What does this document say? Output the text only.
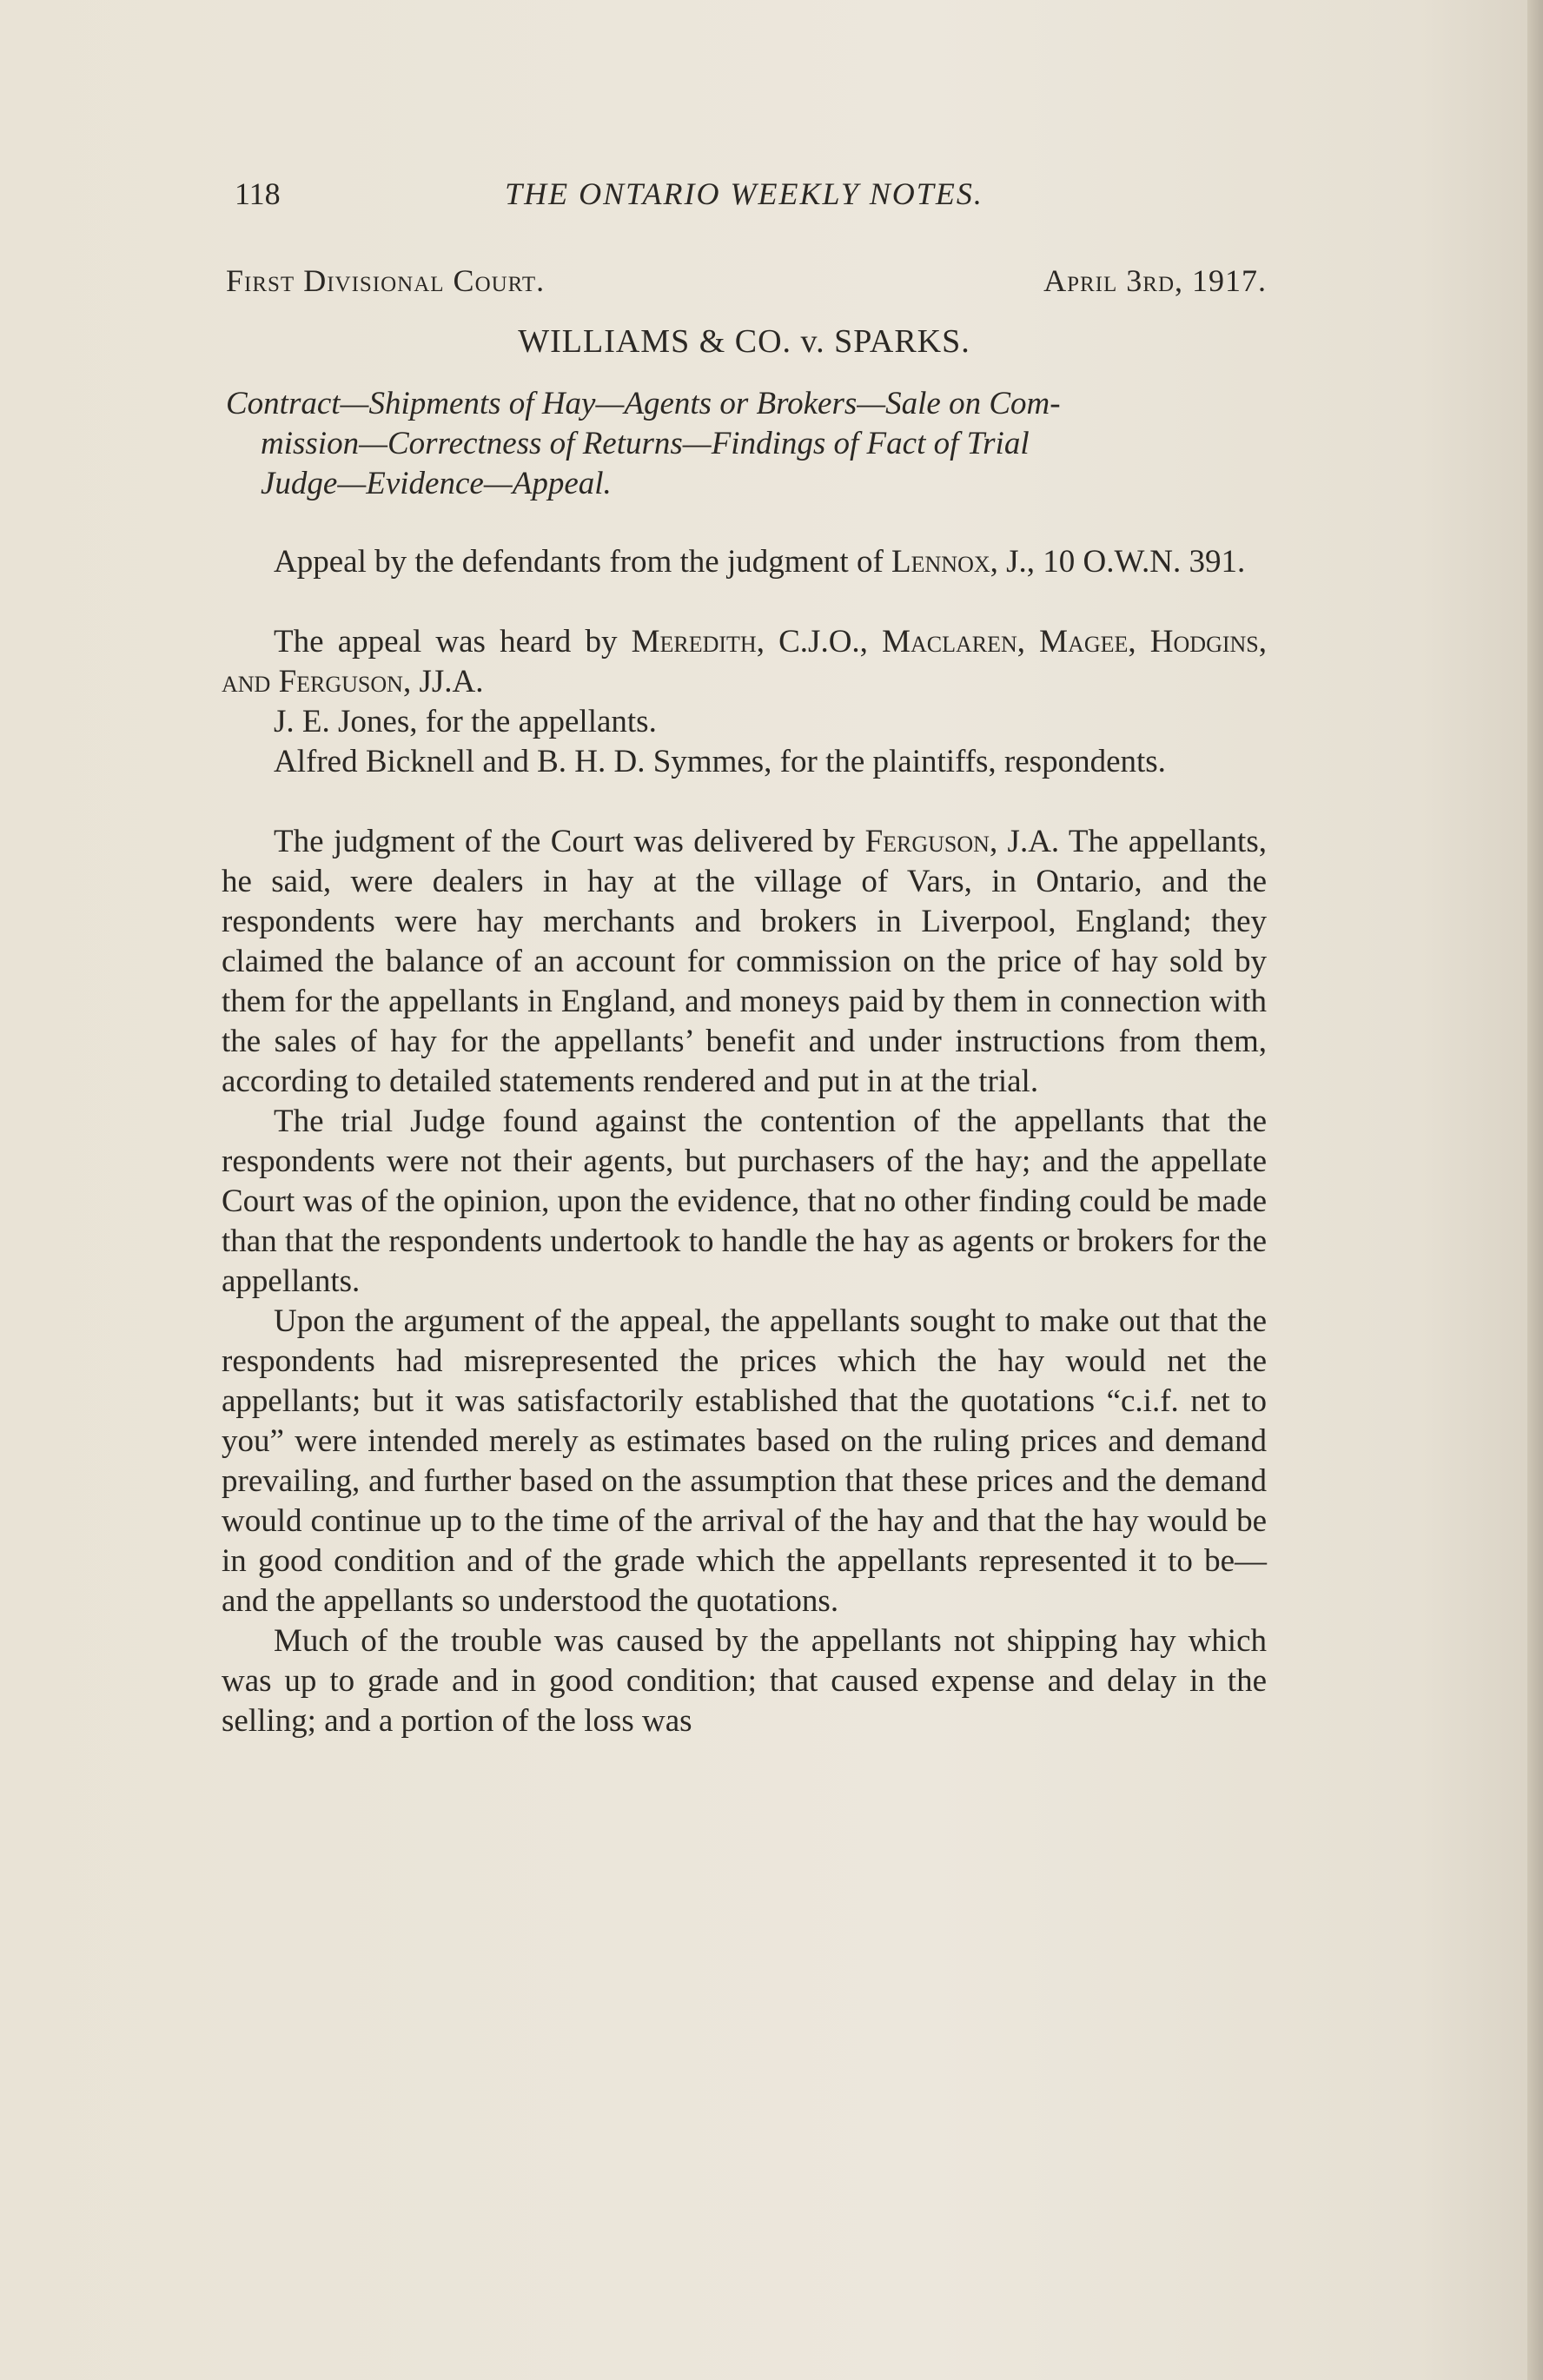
118	THE ONTARIO WEEKLY NOTES.
First Divisional Court.	April 3rd, 1917.
WILLIAMS & CO. v. SPARKS.
Contract—Shipments of Hay—Agents or Brokers—Sale on Com-
mission—Correctness of Returns—Findings of Fact of Trial
Judge—Evidence—Appeal.

Appeal by the defendants from the judgment of Lennox, J., 10 O.W.N. 391.

The appeal was heard by Meredith, C.J.O., Maclaren, Magee, Hodgins, and Ferguson, JJ.A.

J. E. Jones, for the appellants.

Alfred Bicknell and B. H. D. Symmes, for the plaintiffs, respondents.

The judgment of the Court was delivered by Ferguson, J.A. The appellants, he said, were dealers in hay at the village of Vars, in Ontario, and the respondents were hay merchants and brokers in Liverpool, England; they claimed the balance of an account for commission on the price of hay sold by them for the appellants in England, and moneys paid by them in connection with the sales of hay for the appellants’ benefit and under instructions from them, according to detailed statements rendered and put in at the trial.

The trial Judge found against the contention of the appellants that the respondents were not their agents, but purchasers of the hay; and the appellate Court was of the opinion, upon the evidence, that no other finding could be made than that the respondents undertook to handle the hay as agents or brokers for the appellants.

Upon the argument of the appeal, the appellants sought to make out that the respondents had misrepresented the prices which the hay would net the appellants; but it was satisfactorily established that the quotations “c.i.f. net to you” were intended merely as estimates based on the ruling prices and demand prevailing, and further based on the assumption that these prices and the demand would continue up to the time of the arrival of the hay and that the hay would be in good condition and of the grade which the appellants represented it to be—and the appellants so understood the quotations.

Much of the trouble was caused by the appellants not shipping hay which was up to grade and in good condition; that caused expense and delay in the selling; and a portion of the loss was
